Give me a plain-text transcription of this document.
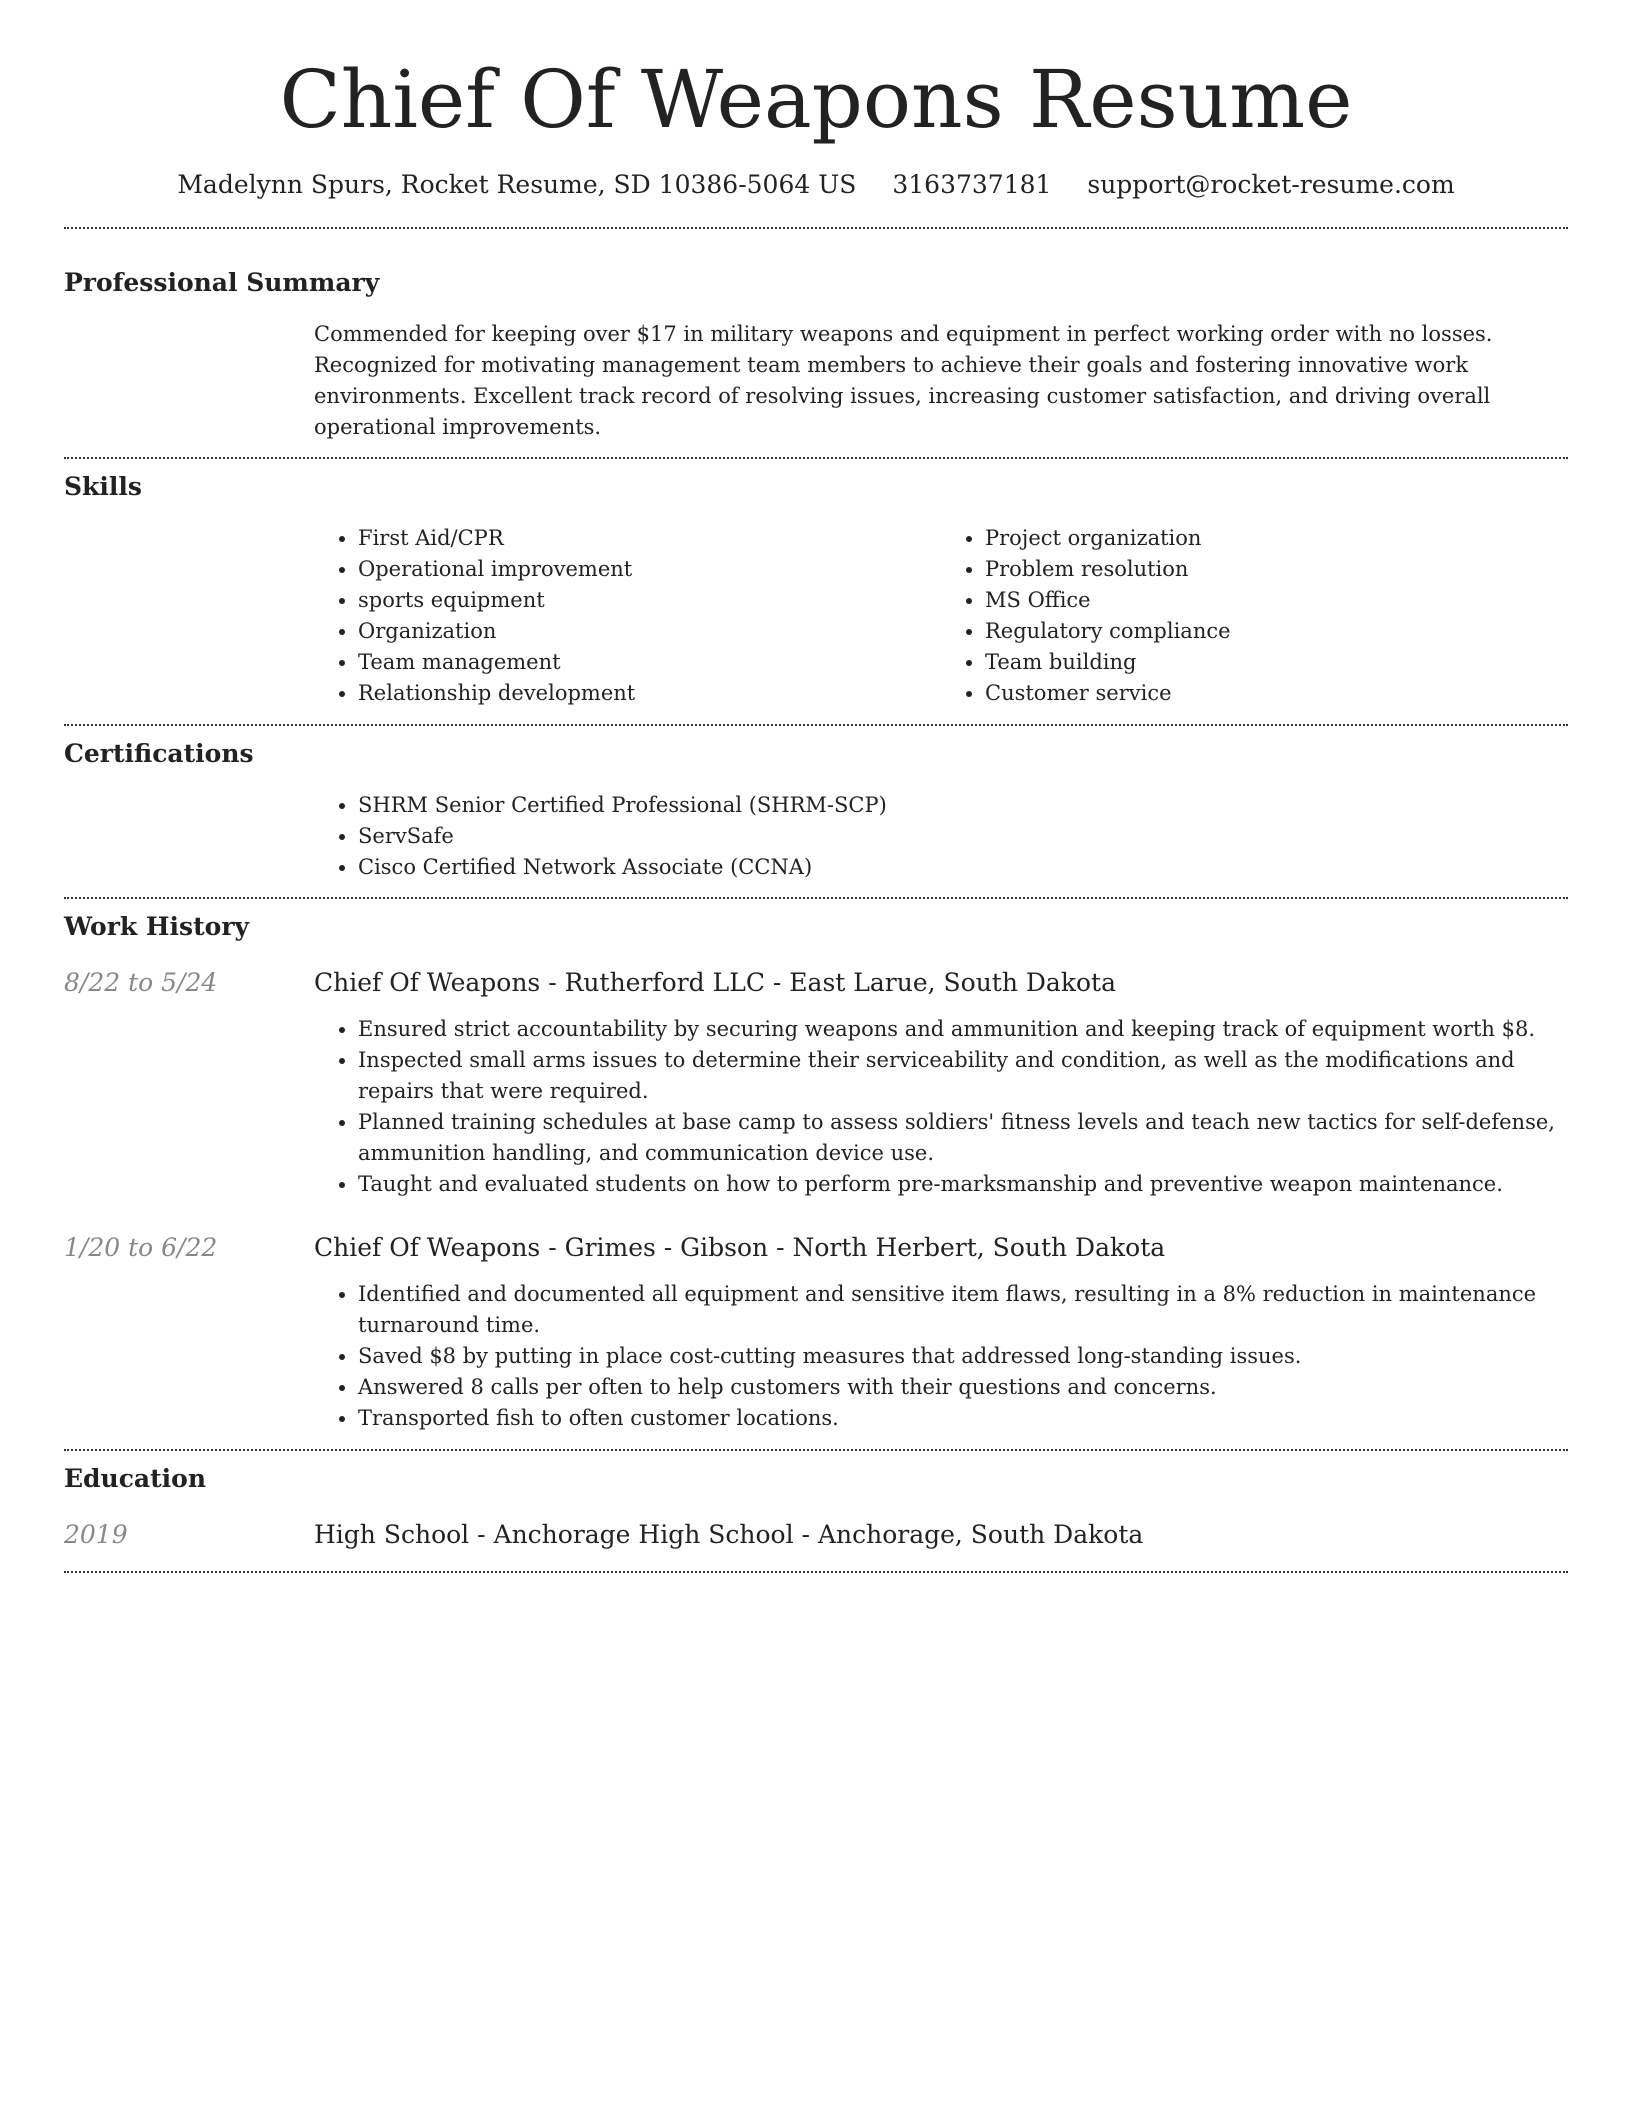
Chief Of Weapons Resume
Madelynn Spurs, Rocket Resume, SD 10386-5064 US 3163737181 support@rocket-resume.com
Professional Summary

Commended for keeping over $17 in military weapons and equipment in perfect working order with no losses. Recognized for motivating management team members to achieve their goals and fostering innovative work environments. Excellent track record of resolving issues, increasing customer satisfaction, and driving overall operational improvements.

Skills
• First Aid/CPR
• Operational improvement
• sports equipment
• Organization
• Team management
• Relationship development
• Project organization
• Problem resolution
• MS Office
• Regulatory compliance
• Team building
• Customer service
Certifications
• SHRM Senior Certified Professional (SHRM-SCP)
• ServSafe
• Cisco Certified Network Associate (CCNA)
Work History
8/22 to 5/24	Chief Of Weapons - Rutherford LLC - East Larue, South Dakota
• Ensured strict accountability by securing weapons and ammunition and keeping track of equipment worth $8.
• Inspected small arms issues to determine their serviceability and condition, as well as the modifications and repairs that were required.
• Planned training schedules at base camp to assess soldiers' fitness levels and teach new tactics for self-defense, ammunition handling, and communication device use.
• Taught and evaluated students on how to perform pre-marksmanship and preventive weapon maintenance.
1/20 to 6/22	Chief Of Weapons - Grimes - Gibson - North Herbert, South Dakota
• Identified and documented all equipment and sensitive item flaws, resulting in a 8% reduction in maintenance turnaround time.
• Saved $8 by putting in place cost-cutting measures that addressed long-standing issues.
• Answered 8 calls per often to help customers with their questions and concerns.
• Transported fish to often customer locations.
Education
2019	High School - Anchorage High School - Anchorage, South Dakota
